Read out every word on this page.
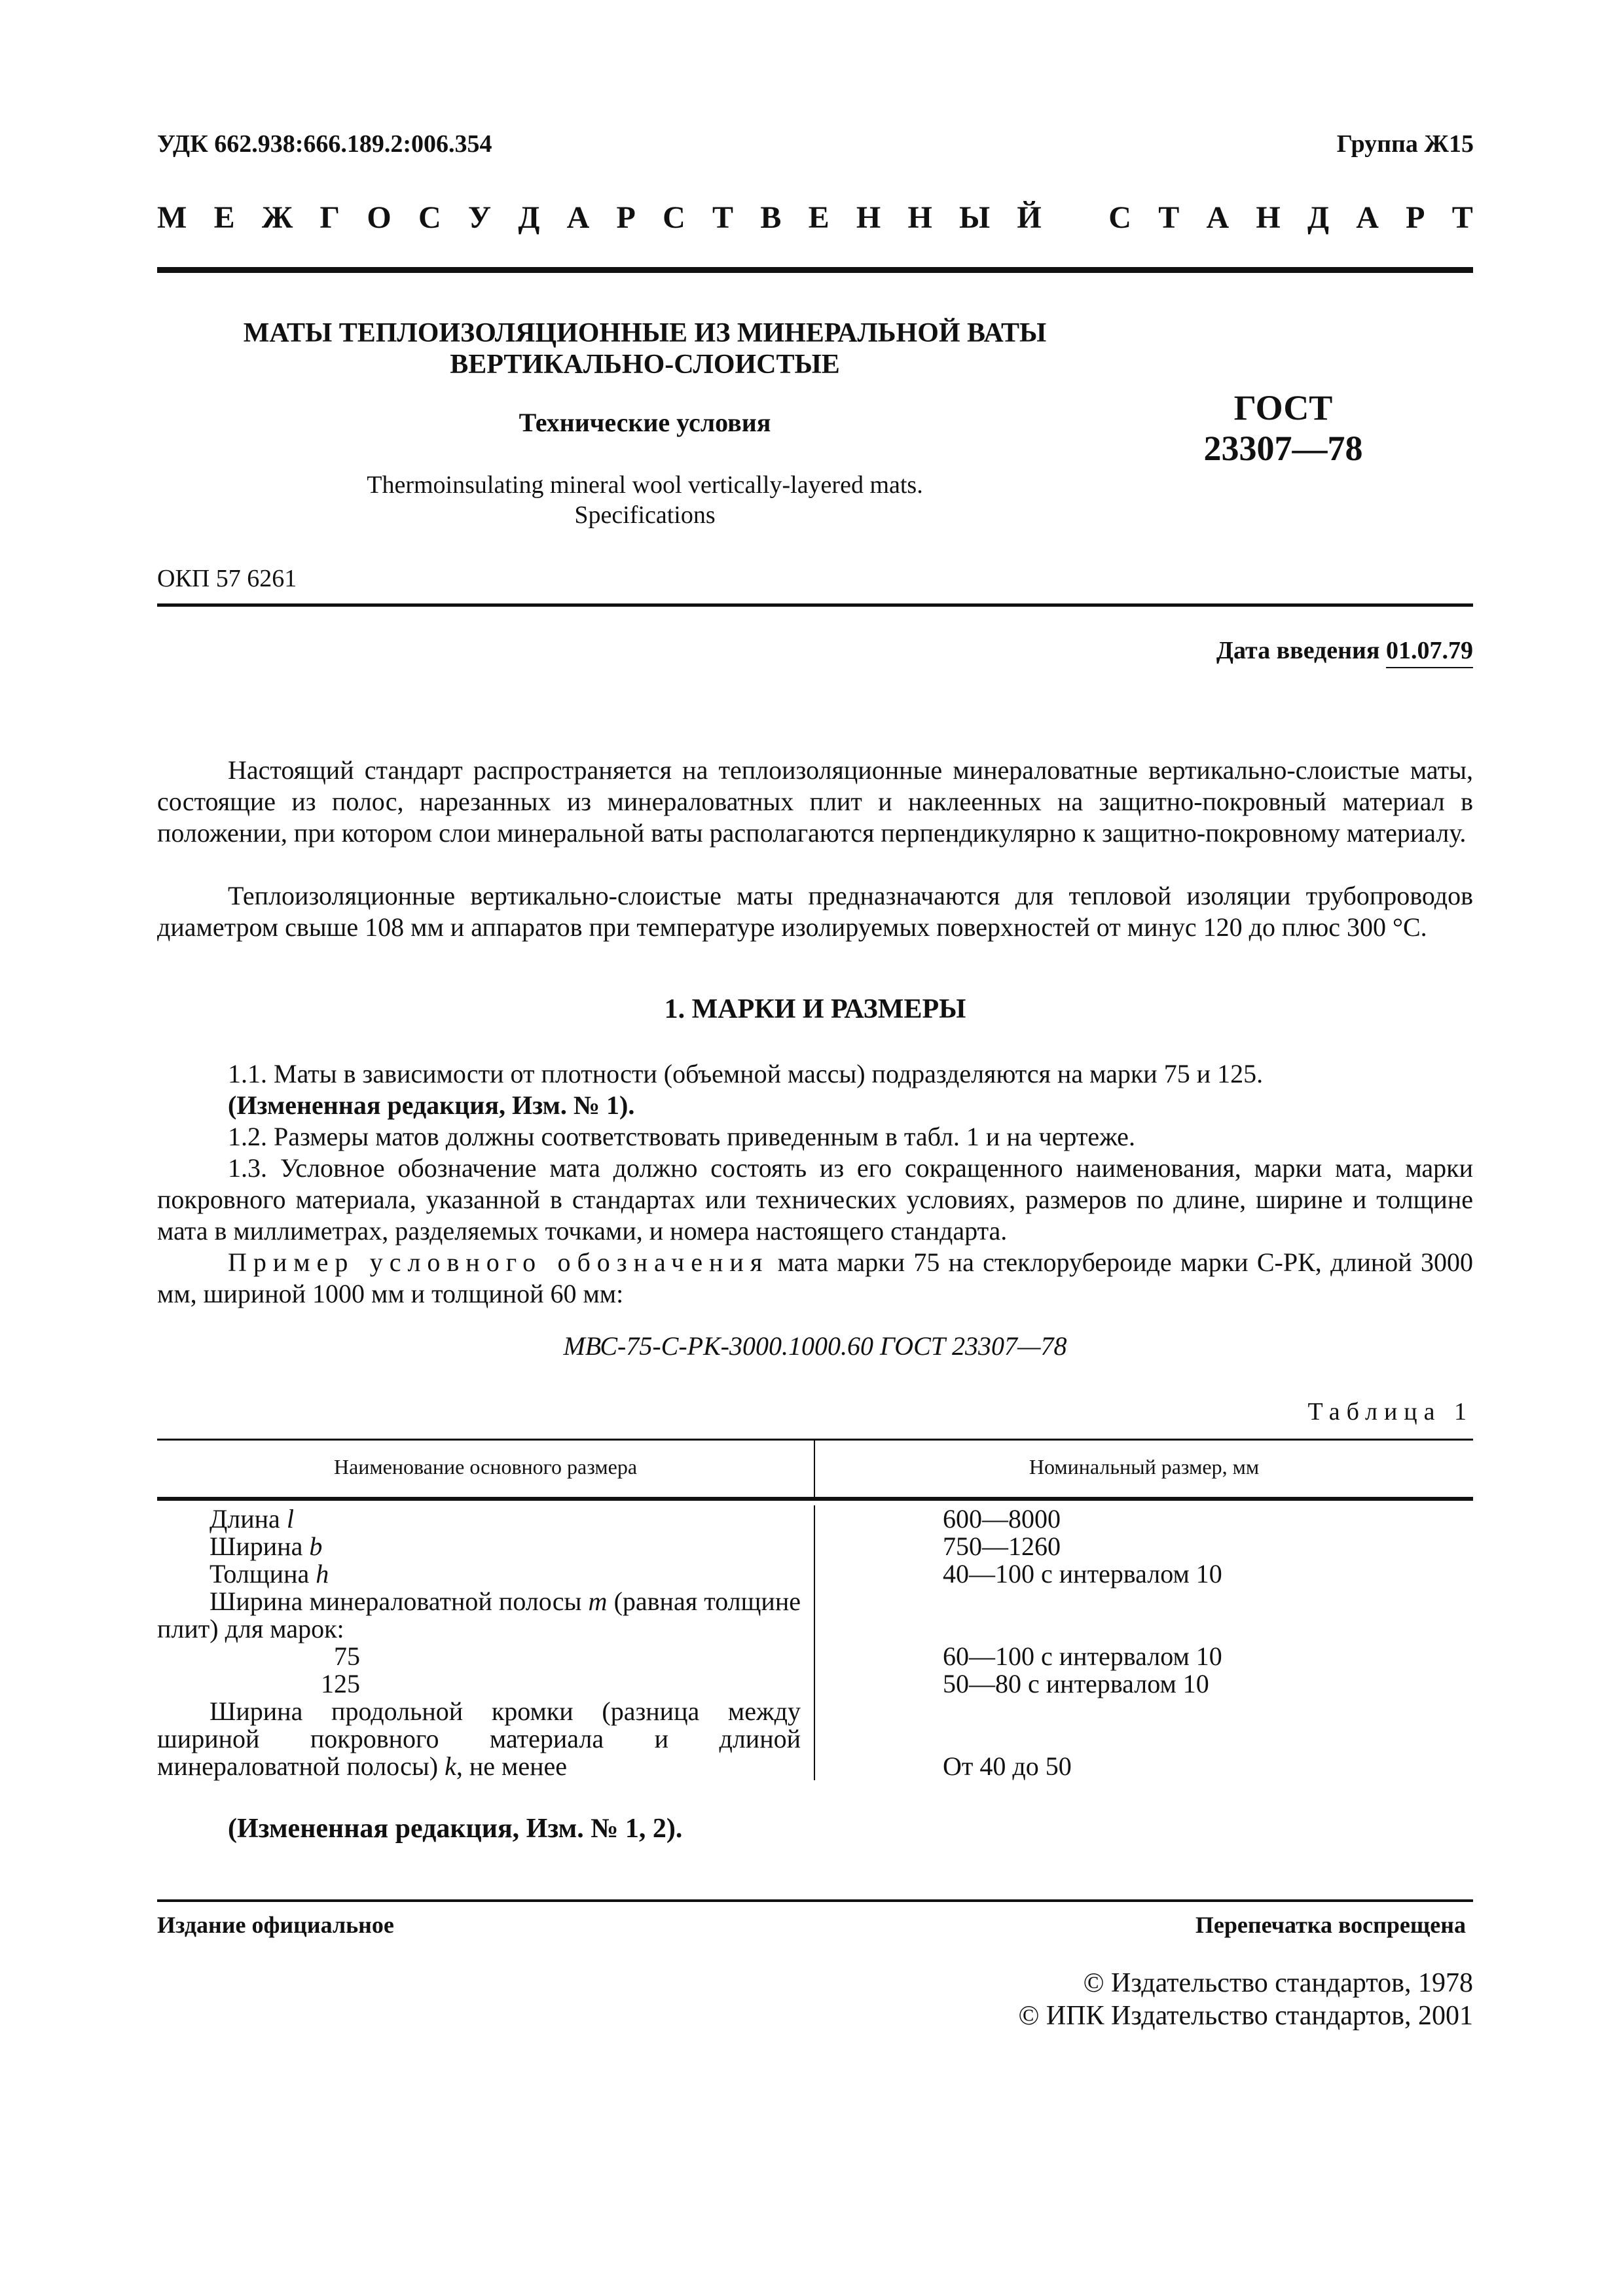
УДК 662.938:666.189.2:006.354	Группа Ж15
М Е Ж Г О С У Д А Р С Т В Е Н Н Ы Й С Т А Н Д А Р Т
МАТЫ ТЕПЛОИЗОЛЯЦИОННЫЕ ИЗ МИНЕРАЛЬНОЙ ВАТЫ
ВЕРТИКАЛЬНО-СЛОИСТЫЕ
Технические условия
Thermoinsulating mineral wool vertically-layered mats.
Specifications
ГОСТ
23307—78
ОКП 57 6261
Дата введения 01.07.79
Настоящий стандарт распространяется на теплоизоляционные минераловатные вертикально-слоистые маты, состоящие из полос, нарезанных из минераловатных плит и наклеенных на защитно-покровный материал в положении, при котором слои минеральной ваты располагаются перпендикулярно к защитно-покровному материалу.
Теплоизоляционные вертикально-слоистые маты предназначаются для тепловой изоляции трубопроводов диаметром свыше 108 мм и аппаратов при температуре изолируемых поверхностей от минус 120 до плюс 300 °С.
1. МАРКИ И РАЗМЕРЫ
1.1. Маты в зависимости от плотности (объемной массы) подразделяются на марки 75 и 125.
(Измененная редакция, Изм. № 1).
1.2. Размеры матов должны соответствовать приведенным в табл. 1 и на чертеже.
1.3. Условное обозначение мата должно состоять из его сокращенного наименования, марки мата, марки покровного материала, указанной в стандартах или технических условиях, размеров по длине, ширине и толщине мата в миллиметрах, разделяемых точками, и номера настоящего стандарта.
Пример условного обозначения мата марки 75 на стеклорубероиде марки С-РК, длиной 3000 мм, шириной 1000 мм и толщиной 60 мм:
МВС-75-С-РК-3000.1000.60 ГОСТ 23307—78
Таблица 1
Наименование основного размера	Номинальный размер, мм
Длина l	600—8000
Ширина b	750—1260
Толщина h	40—100 с интервалом 10
Ширина минераловатной полосы m (равная толщине плит) для марок:
75	60—100 с интервалом 10
125	50—80 с интервалом 10
Ширина продольной кромки (разница между шириной покровного материала и длиной минераловатной полосы) k, не менее	От 40 до 50
(Измененная редакция, Изм. № 1, 2).
Издание официальное	Перепечатка воспрещена
© Издательство стандартов, 1978
© ИПК Издательство стандартов, 2001
